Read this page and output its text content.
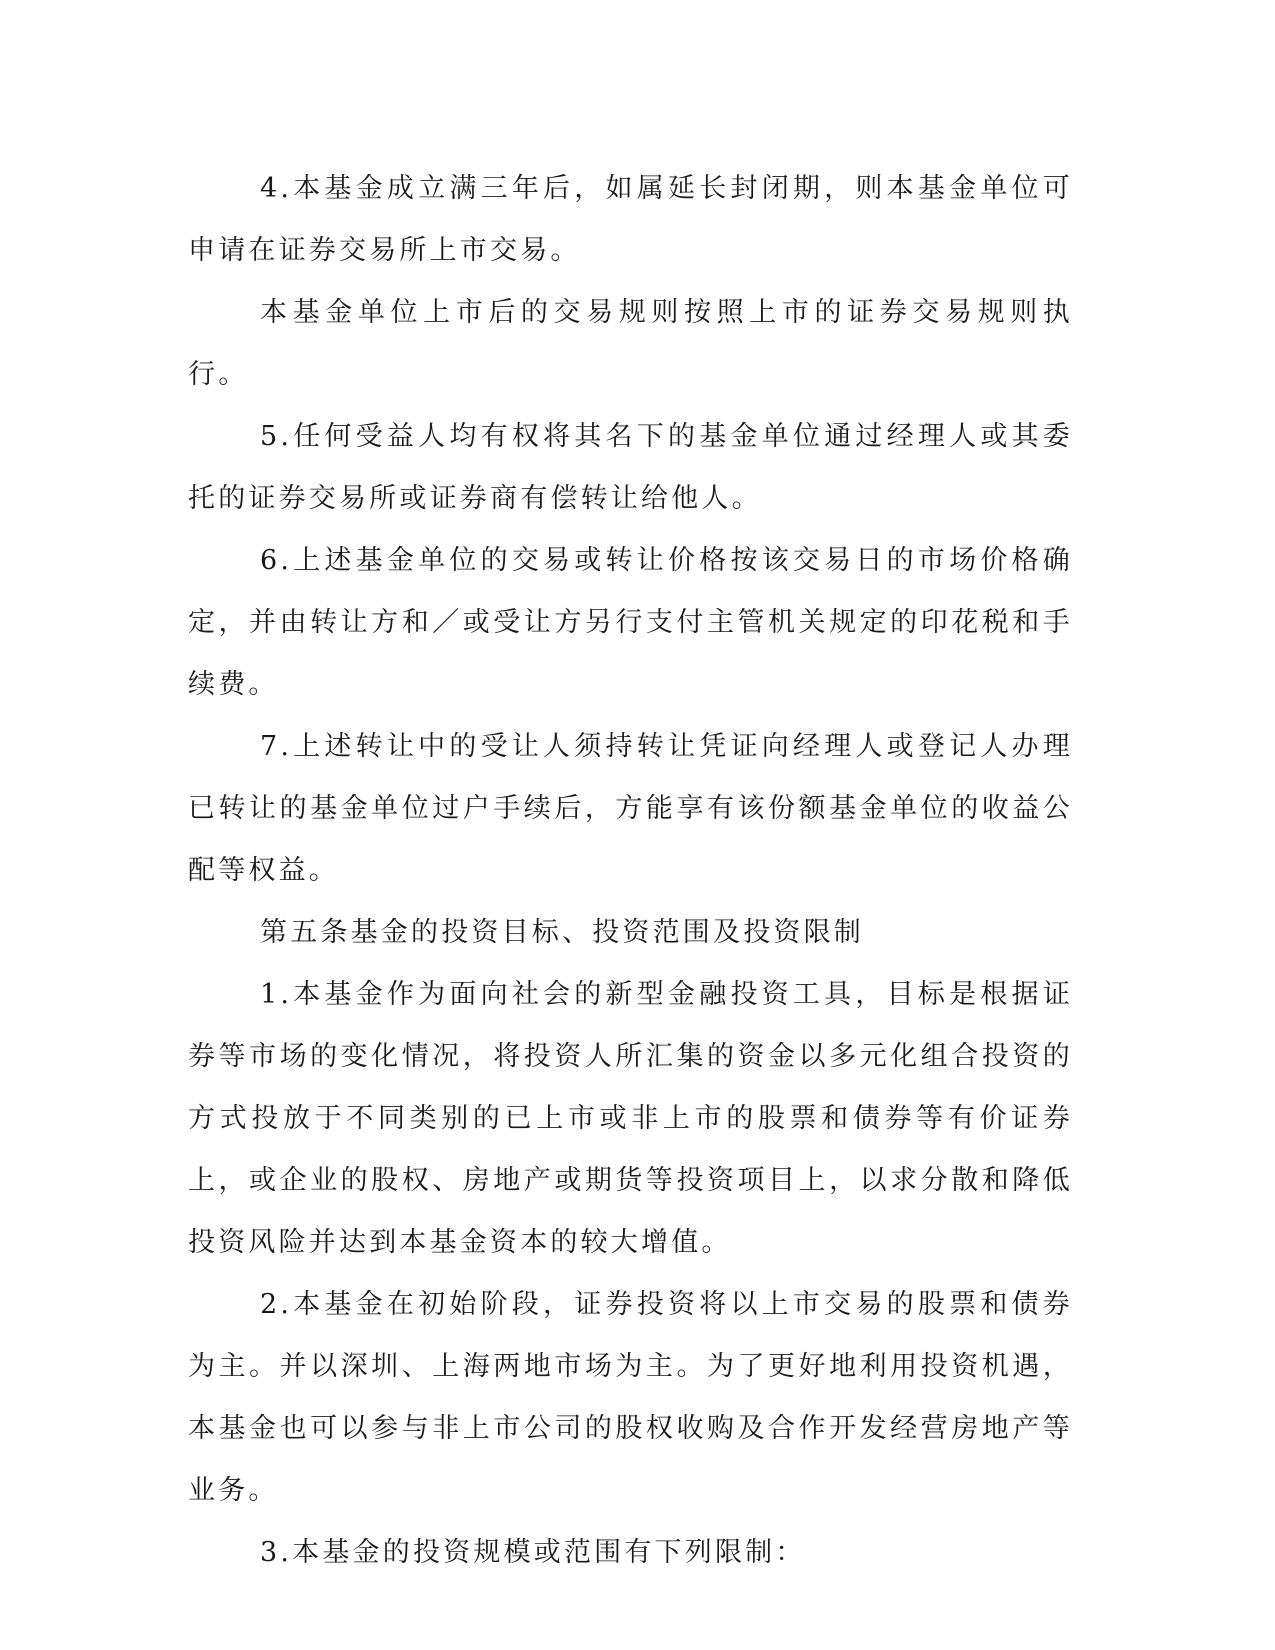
4.本基金成立满三年后，如属延长封闭期，则本基金单位可申请在证券交易所上市交易。

本基金单位上市后的交易规则按照上市的证券交易规则执行。

5.任何受益人均有权将其名下的基金单位通过经理人或其委托的证券交易所或证券商有偿转让给他人。

6.上述基金单位的交易或转让价格按该交易日的市场价格确定，并由转让方和／或受让方另行支付主管机关规定的印花税和手续费。

7.上述转让中的受让人须持转让凭证向经理人或登记人办理已转让的基金单位过户手续后，方能享有该份额基金单位的收益公配等权益。

第五条基金的投资目标、投资范围及投资限制

1.本基金作为面向社会的新型金融投资工具，目标是根据证券等市场的变化情况，将投资人所汇集的资金以多元化组合投资的方式投放于不同类别的已上市或非上市的股票和债券等有价证券上，或企业的股权、房地产或期货等投资项目上，以求分散和降低投资风险并达到本基金资本的较大增值。

2.本基金在初始阶段，证券投资将以上市交易的股票和债券为主。并以深圳、上海两地市场为主。为了更好地利用投资机遇，本基金也可以参与非上市公司的股权收购及合作开发经营房地产等业务。

3.本基金的投资规模或范围有下列限制：
